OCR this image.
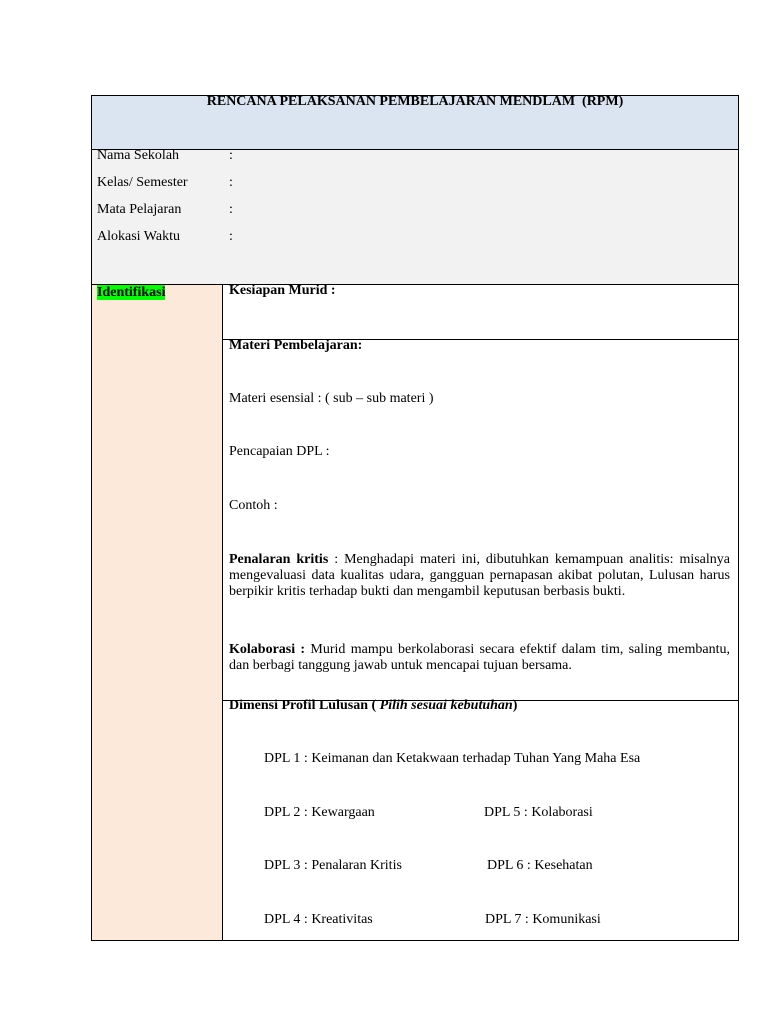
RENCANA PELAKSANAN PEMBELAJARAN MENDLAM  (RPM)
Nama Sekolah	:
Kelas/ Semester	:
Mata Pelajaran	:
Alokasi Waktu	:
Identifikasi	Kesiapan Murid :
Materi Pembelajaran:
Materi esensial : ( sub – sub materi )
Pencapaian DPL :
Contoh :

Penalaran kritis : Menghadapi materi ini, dibutuhkan kemampuan analitis: misalnya mengevaluasi data kualitas udara, gangguan pernapasan akibat polutan, Lulusan harus berpikir kritis terhadap bukti dan mengambil keputusan berbasis bukti.

Kolaborasi : Murid mampu berkolaborasi secara efektif dalam tim, saling membantu, dan berbagi tanggung jawab untuk mencapai tujuan bersama.

Dimensi Profil Lulusan ( Pilih sesuai kebutuhan)
DPL 1 : Keimanan dan Ketakwaan terhadap Tuhan Yang Maha Esa
DPL 2 : Kewargaan	DPL 5 : Kolaborasi
DPL 3 : Penalaran Kritis	DPL 6 : Kesehatan
DPL 4 : Kreativitas	DPL 7 : Komunikasi
